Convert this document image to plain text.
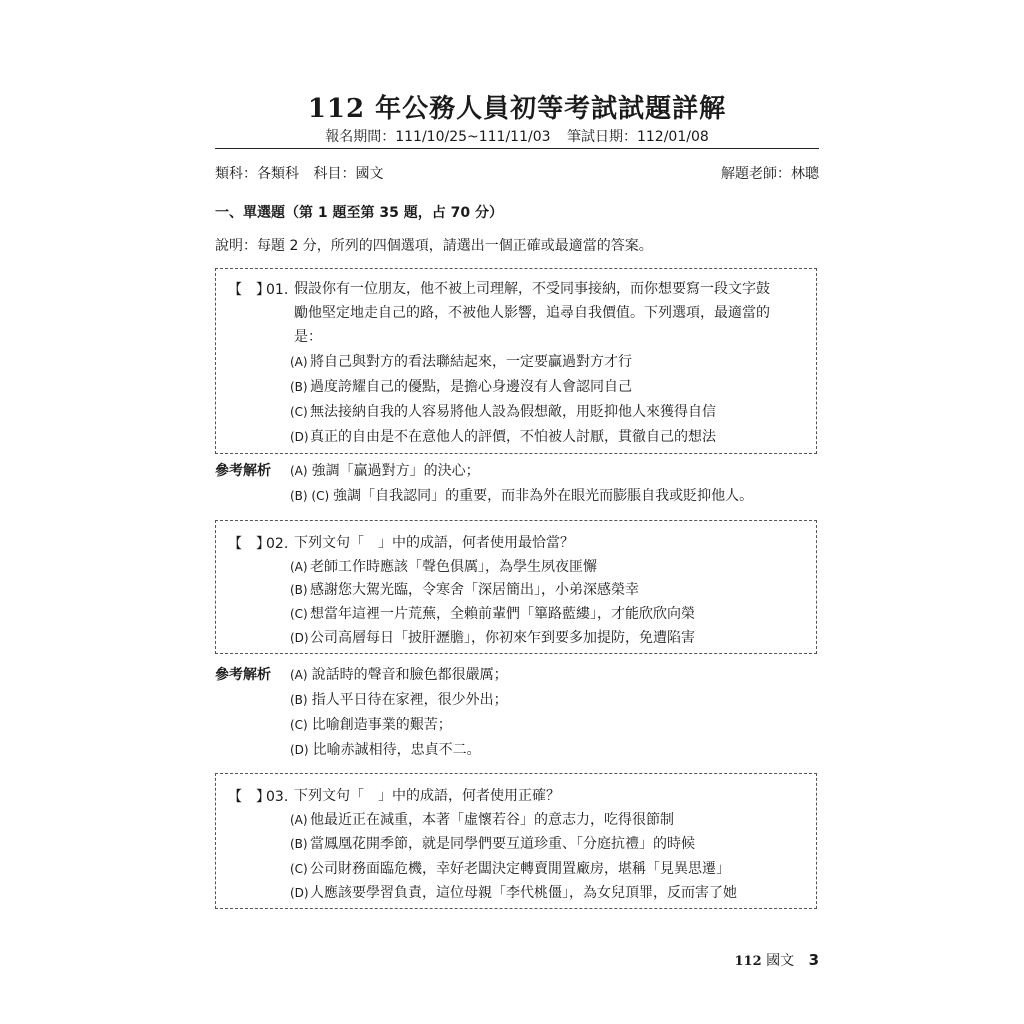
112 年公務人員初等考試試題詳解
報名期間：111/10/25~111/11/03 筆試日期：112/01/08
類科：各類科 科目：國文	解題老師：林聰
一、單選題（第 1 題至第 35 題，占 70 分）
說明：每題 2 分，所列的四個選項，請選出一個正確或最適當的答案。
【　】01. 假設你有一位朋友，他不被上司理解，不受同事接納，而你想要寫一段文字鼓
勵他堅定地走自己的路，不被他人影響，追尋自我價值。下列選項，最適當的
是：
(A) 將自己與對方的看法聯結起來，一定要贏過對方才行
(B) 過度誇耀自己的優點，是擔心身邊沒有人會認同自己
(C) 無法接納自我的人容易將他人設為假想敵，用貶抑他人來獲得自信
(D)真正的自由是不在意他人的評價，不怕被人討厭，貫徹自己的想法
參考解析 (A) 強調「贏過對方」的決心；
(B) (C) 強調「自我認同」的重要，而非為外在眼光而膨脹自我或貶抑他人。
【　】02. 下列文句「　」中的成語，何者使用最恰當？
(A) 老師工作時應該「聲色俱厲」，為學生夙夜匪懈
(B) 感謝您大駕光臨，令寒舍「深居簡出」，小弟深感榮幸
(C) 想當年這裡一片荒蕪，全賴前輩們「篳路藍縷」，才能欣欣向榮
(D)公司高層每日「披肝瀝膽」，你初來乍到要多加提防，免遭陷害
參考解析 (A) 說話時的聲音和臉色都很嚴厲；
(B) 指人平日待在家裡，很少外出；
(C) 比喻創造事業的艱苦；
(D) 比喻赤誠相待，忠貞不二。
【　】03. 下列文句「　」中的成語，何者使用正確？
(A) 他最近正在減重，本著「虛懷若谷」的意志力，吃得很節制
(B) 當鳳凰花開季節，就是同學們要互道珍重、「分庭抗禮」的時候
(C) 公司財務面臨危機，幸好老闆決定轉賣閒置廠房，堪稱「見異思遷」
(D)人應該要學習負責，這位母親「李代桃僵」，為女兒頂罪，反而害了她
112 國文 3
